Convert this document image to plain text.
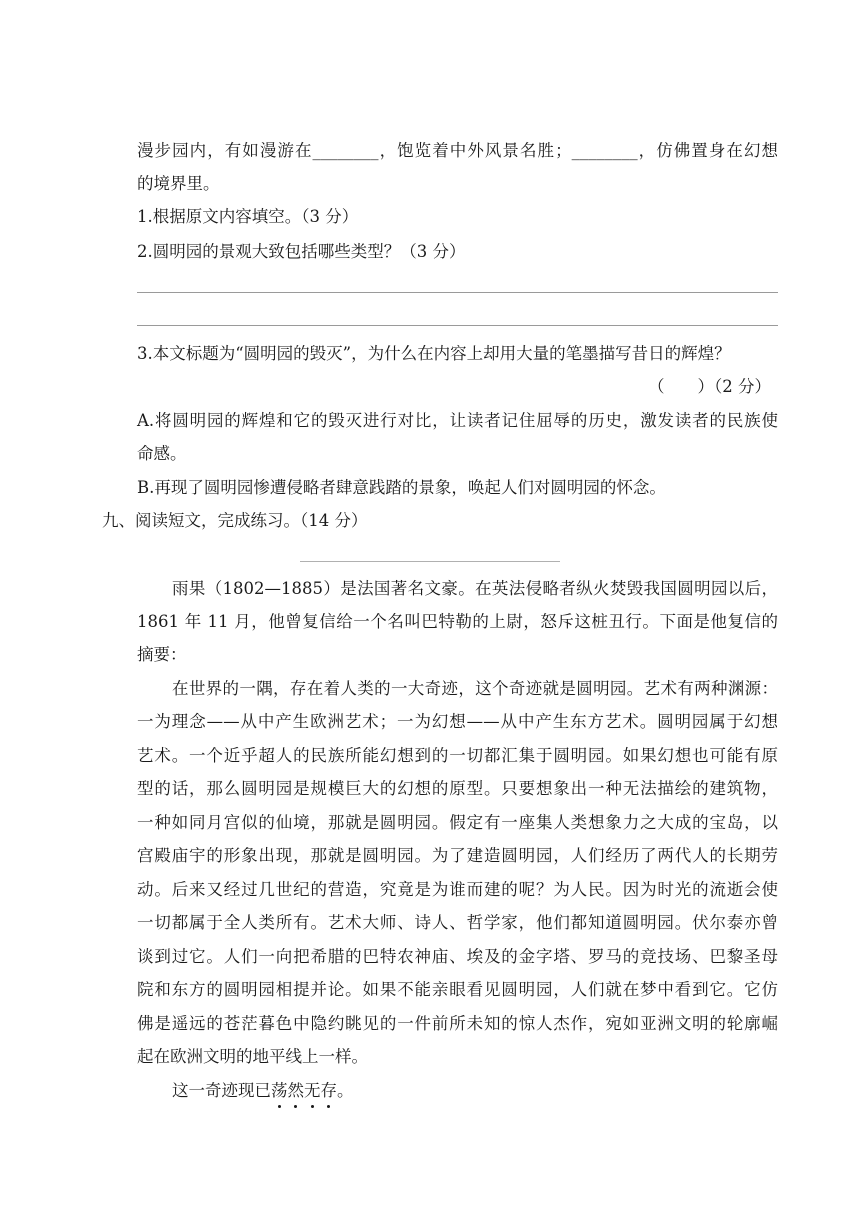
漫步园内，有如漫游在________，饱览着中外风景名胜；________，仿佛置身在幻想
的境界里。
1.根据原文内容填空。（3 分）
2.圆明园的景观大致包括哪些类型？（3 分）
3.本文标题为“圆明园的毁灭”，为什么在内容上却用大量的笔墨描写昔日的辉煌？
（　　）（2 分）
A.将圆明园的辉煌和它的毁灭进行对比，让读者记住屈辱的历史，激发读者的民族使
命感。
B.再现了圆明园惨遭侵略者肆意践踏的景象，唤起人们对圆明园的怀念。
九、阅读短文，完成练习。（14 分）
雨果（1802—1885）是法国著名文豪。在英法侵略者纵火焚毁我国圆明园以后，
1861 年 11 月，他曾复信给一个名叫巴特勒的上尉，怒斥这桩丑行。下面是他复信的
摘要：
在世界的一隅，存在着人类的一大奇迹，这个奇迹就是圆明园。艺术有两种渊源：
一为理念——从中产生欧洲艺术；一为幻想——从中产生东方艺术。圆明园属于幻想
艺术。一个近乎超人的民族所能幻想到的一切都汇集于圆明园。如果幻想也可能有原
型的话，那么圆明园是规模巨大的幻想的原型。只要想象出一种无法描绘的建筑物，
一种如同月宫似的仙境，那就是圆明园。假定有一座集人类想象力之大成的宝岛，以
宫殿庙宇的形象出现，那就是圆明园。为了建造圆明园，人们经历了两代人的长期劳
动。后来又经过几世纪的营造，究竟是为谁而建的呢？为人民。因为时光的流逝会使
一切都属于全人类所有。艺术大师、诗人、哲学家，他们都知道圆明园。伏尔泰亦曾
谈到过它。人们一向把希腊的巴特农神庙、埃及的金字塔、罗马的竞技场、巴黎圣母
院和东方的圆明园相提并论。如果不能亲眼看见圆明园，人们就在梦中看到它。它仿
佛是遥远的苍茫暮色中隐约眺见的一件前所未知的惊人杰作，宛如亚洲文明的轮廓崛
起在欧洲文明的地平线上一样。
这一奇迹现已荡然无存。
